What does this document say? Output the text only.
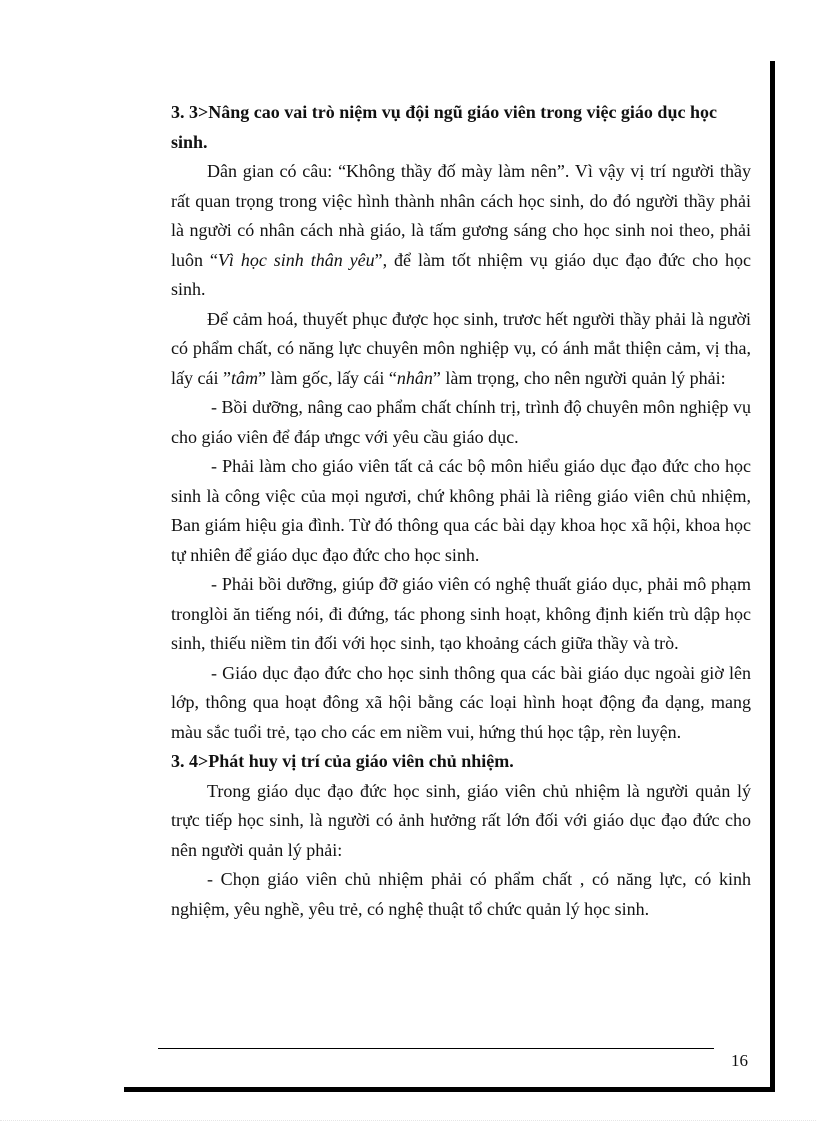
3. 3>Nâng cao vai trò niệm vụ đội ngũ giáo viên trong việc giáo dục học sinh.

Dân gian có câu: “Không thầy đố mày làm nên”. Vì vậy vị trí người thầy rất quan trọng trong việc hình thành nhân cách học sinh, do đó người thầy phải là người có nhân cách nhà giáo, là tấm gương sáng cho học sinh noi theo, phải luôn “Vì học sinh thân yêu”, để làm tốt nhiệm vụ giáo dục đạo đức cho học sinh.

Để cảm hoá, thuyết phục được học sinh, trươc hết người thầy phải là người có phẩm chất, có năng lực chuyên môn nghiệp vụ, có ánh mắt thiện cảm, vị tha, lấy cái ”tâm” làm gốc, lấy cái “nhân” làm trọng, cho nên người quản lý phải:

- Bồi dưỡng, nâng cao phẩm chất chính trị, trình độ chuyên môn nghiệp vụ cho giáo viên để đáp ưngc với yêu cầu giáo dục.

- Phải làm cho giáo viên tất cả các bộ môn hiểu giáo dục đạo đức cho học sinh là công việc của mọi ngươi, chứ không phải là riêng giáo viên chủ nhiệm, Ban giám hiệu gia đình. Từ đó thông qua các bài dạy khoa học xã hội, khoa học tự nhiên để giáo dục đạo đức cho học sinh.

- Phải bồi dưỡng, giúp đỡ giáo viên có nghệ thuất giáo dục, phải mô phạm tronglòi ăn tiếng nói, đi đứng, tác phong sinh hoạt, không định kiến trù dập học sinh, thiếu niềm tin đối với học sinh, tạo khoảng cách giữa thầy và trò.

- Giáo dục đạo đức cho học sinh thông qua các bài giáo dục ngoài giờ lên lớp, thông qua hoạt đông xã hội bằng các loại hình hoạt động đa dạng, mang màu sắc tuổi trẻ, tạo cho các em niềm vui, hứng thú học tập, rèn luyện.

3. 4>Phát huy vị trí của giáo viên chủ nhiệm.

Trong giáo dục đạo đức học sinh, giáo viên chủ nhiệm là người quản lý trực tiếp học sinh, là người có ảnh hưởng rất lớn đối với giáo dục đạo đức cho nên người quản lý phải:

- Chọn giáo viên chủ nhiệm phải có phẩm chất , có năng lực, có kinh nghiệm, yêu nghề, yêu trẻ, có nghệ thuật tổ chức quản lý học sinh.

16
